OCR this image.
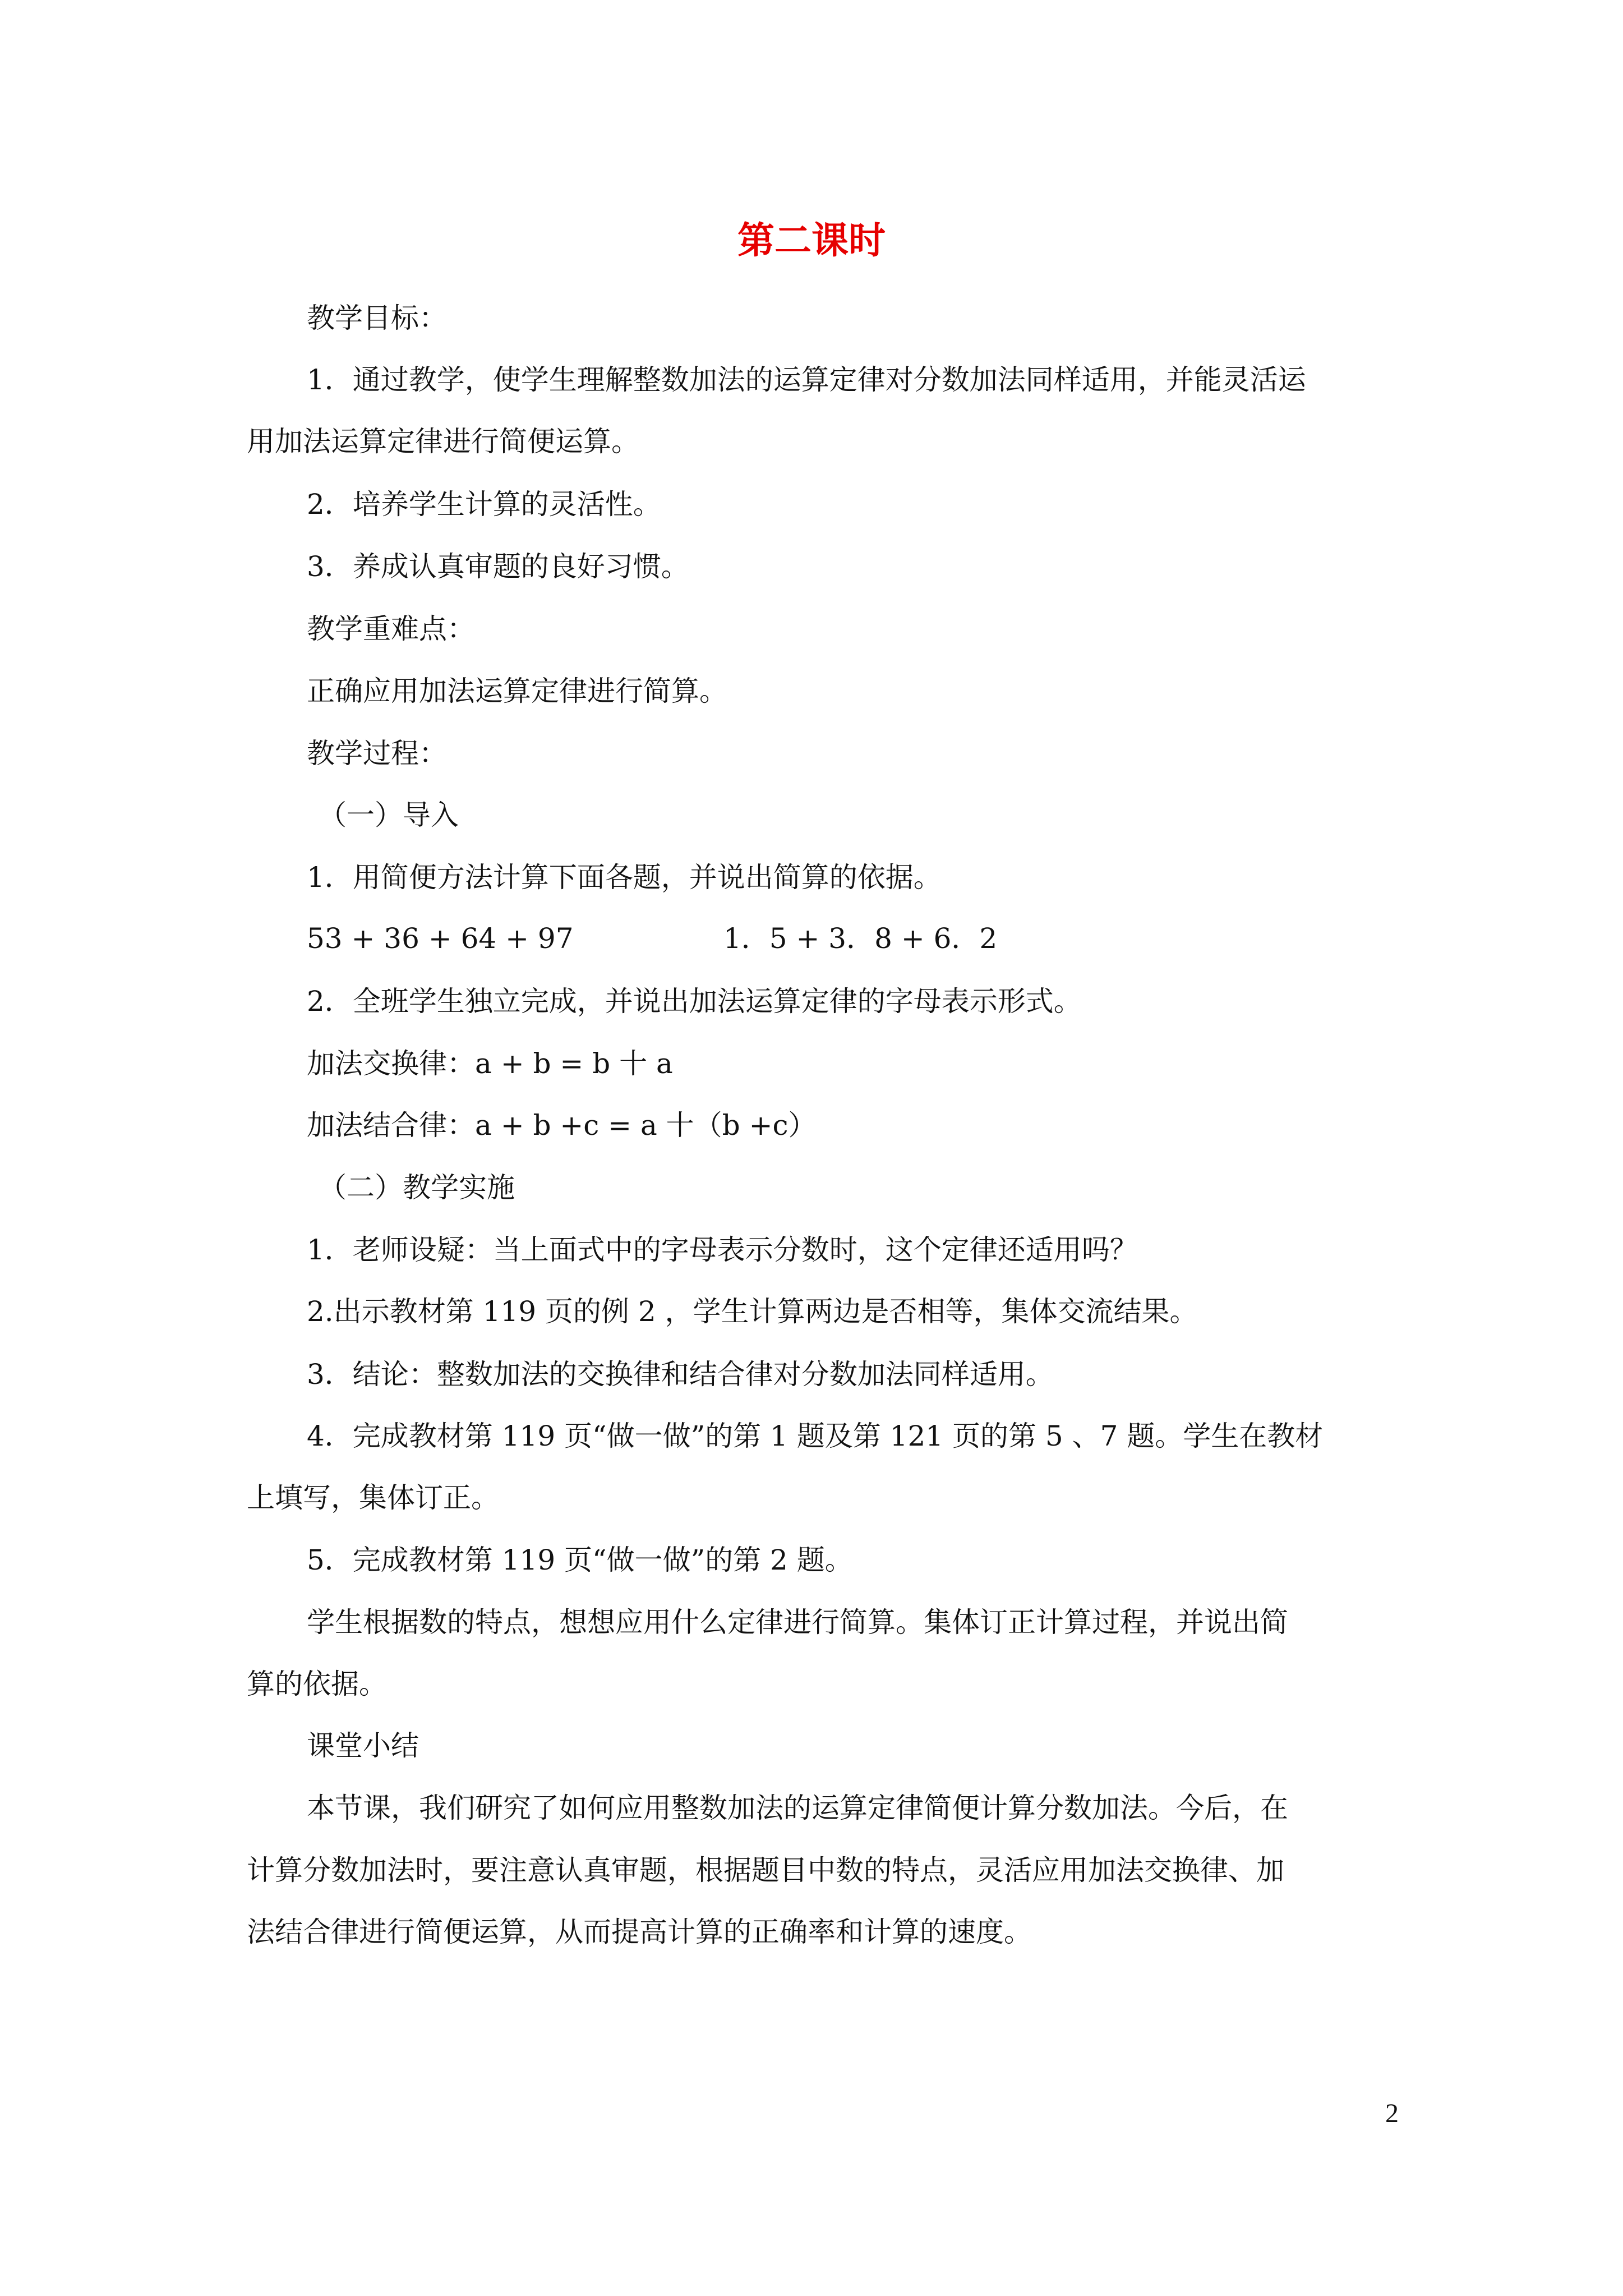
第二课时
教学目标：
1．通过教学，使学生理解整数加法的运算定律对分数加法同样适用，并能灵活运
用加法运算定律进行简便运算。
2．培养学生计算的灵活性。
3．养成认真审题的良好习惯。
教学重难点：
正确应用加法运算定律进行简算。
教学过程：
（一）导入
1．用简便方法计算下面各题，并说出简算的依据。
53 + 36 + 64 + 97	1．5 + 3．8 + 6．2
2．全班学生独立完成，并说出加法运算定律的字母表示形式。
加法交换律：a + b = b 十 a
加法结合律：a + b +c = a 十（b +c）
（二）教学实施
1．老师设疑：当上面式中的字母表示分数时，这个定律还适用吗？
2.出示教材第 119 页的例 2 ，学生计算两边是否相等，集体交流结果。
3．结论：整数加法的交换律和结合律对分数加法同样适用。
4．完成教材第 119 页“做一做”的第 1 题及第 121 页的第 5 、7 题。学生在教材
上填写，集体订正。
5．完成教材第 119 页“做一做”的第 2 题。
学生根据数的特点，想想应用什么定律进行简算。集体订正计算过程，并说出简
算的依据。
课堂小结
本节课，我们研究了如何应用整数加法的运算定律简便计算分数加法。今后，在
计算分数加法时，要注意认真审题，根据题目中数的特点，灵活应用加法交换律、加
法结合律进行简便运算，从而提高计算的正确率和计算的速度。
2
